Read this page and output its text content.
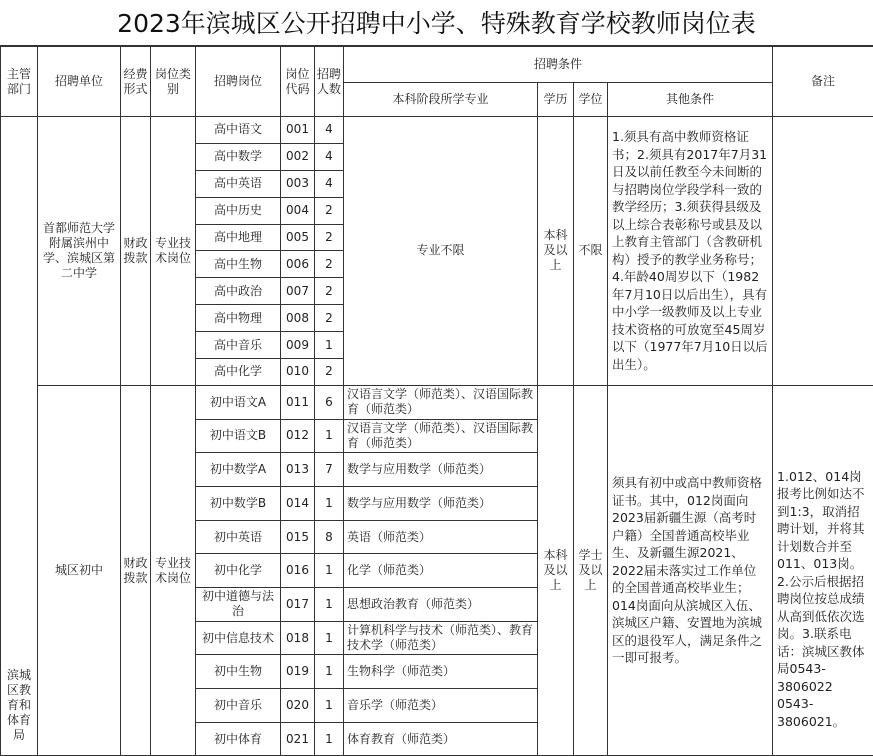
2023年滨城区公开招聘中小学、特殊教育学校教师岗位表
主管部门	招聘单位	经费形式	岗位类别	招聘岗位	岗位代码	招聘人数	招聘条件				备注
							本科阶段所学专业	学历	学位	其他条件	
滨城区教育和体育局	首都师范大学附属滨州中学、滨城区第二中学	财政拨款	专业技术岗位	高中语文	001	4	专业不限	本科及以上	不限	1.须具有高中教师资格证书；2.须具有2017年7月31日及以前任教至今未间断的与招聘岗位学段学科一致的教学经历；3.须获得县级及以上综合表彰称号或县及以上教育主管部门（含教研机构）授予的教学业务称号；4.年龄40周岁以下（1982年7月10日以后出生），具有中小学一级教师及以上专业技术资格的可放宽至45周岁以下（1977年7月10日以后出生）。	
				高中数学	002	4					
				高中英语	003	4					
				高中历史	004	2					
				高中地理	005	2					
				高中生物	006	2					
				高中政治	007	2					
				高中物理	008	2					
				高中音乐	009	1					
				高中化学	010	2					
	城区初中	财政拨款	专业技术岗位	初中语文A	011	6	汉语言文学（师范类）、汉语国际教育（师范类）	本科及以上	学士及以上	须具有初中或高中教师资格证书。其中，012岗面向2023届新疆生源（高考时户籍）全国普通高校毕业生、及新疆生源2021、2022届未落实过工作单位的全国普通高校毕业生；014岗面向从滨城区入伍、滨城区户籍、安置地为滨城区的退役军人，满足条件之一即可报考。	1.012、014岗报考比例如达不到1:3，取消招聘计划，并将其计划数合并至011、013岗。2.公示后根据招聘岗位按总成绩从高到低依次选岗。3.联系电话：滨城区教体局0543-3806022 0543-3806021。
				初中语文B	012	1	汉语言文学（师范类）、汉语国际教育（师范类）				
				初中数学A	013	7	数学与应用数学（师范类）				
				初中数学B	014	1	数学与应用数学（师范类）				
				初中英语	015	8	英语（师范类）				
				初中化学	016	1	化学（师范类）				
				初中道德与法治	017	1	思想政治教育（师范类）				
				初中信息技术	018	1	计算机科学与技术（师范类）、教育技术学（师范类）				
				初中生物	019	1	生物科学（师范类）				
				初中音乐	020	1	音乐学（师范类）				
				初中体育	021	1	体育教育（师范类）				
